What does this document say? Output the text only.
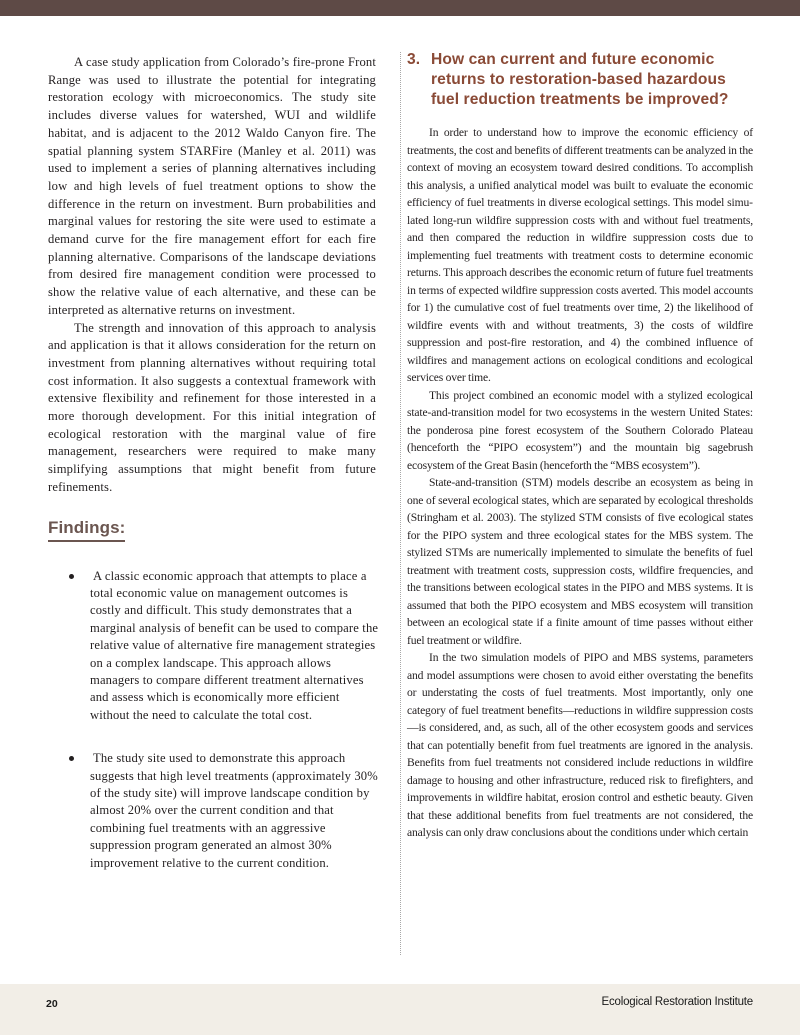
A case study application from Colorado’s fire-prone Front Range was used to illustrate the potential for integrating restoration ecology with microeconomics. The study site includes diverse values for watershed, WUI and wildlife habitat, and is adjacent to the 2012 Waldo Canyon fire. The spatial planning system STARFire (Manley et al. 2011) was used to implement a series of planning alternatives including low and high levels of fuel treatment options to show the difference in the return on investment. Burn probabilities and marginal values for restoring the site were used to estimate a demand curve for the fire management effort for each fire planning alternative. Comparisons of the landscape deviations from desired fire management condition were processed to show the relative value of each alternative, and these can be interpreted as alternative returns on investment.

The strength and innovation of this approach to analysis and application is that it allows consideration for the return on investment from planning alternatives without requiring total cost information. It also suggests a contextual framework with extensive flexibility and refinement for those interested in a more thorough development. For this initial integration of ecological restoration with the marginal value of fire management, researchers were required to make many simplifying assumptions that might benefit from future refinements.

Findings:
A classic economic approach that attempts to place a total economic value on management outcomes is costly and difficult. This study demonstrates that a marginal analysis of benefit can be used to compare the relative value of alternative fire management strategies on a complex landscape. This approach allows managers to compare different treatment alternatives and assess which is economically more efficient without the need to calculate the total cost.
The study site used to demonstrate this approach suggests that high level treatments (approximately 30% of the study site) will improve landscape condition by almost 20% over the current condition and that combining fuel treatments with an aggressive suppression program generated an almost 30% improvement relative to the current condition.
3. How can current and future economic returns to restoration-based hazardous fuel reduction treatments be improved?

In order to understand how to improve the economic efficiency of treatments, the cost and benefits of different treatments can be analyzed in the context of moving an ecosystem toward desired conditions. To accomplish this analysis, a unified analytical model was built to evaluate the economic efficiency of fuel treatments in diverse ecological settings. This model simulated long-run wildfire suppression costs with and without fuel treatments, and then compared the reduction in wildfire suppression costs due to implementing fuel treatments with treatment costs to determine economic returns. This approach describes the economic return of future fuel treatments in terms of expected wildfire suppression costs averted. This model accounts for 1) the cumulative cost of fuel treatments over time, 2) the likelihood of wildfire events with and without treatments, 3) the costs of wildfire suppression and post-fire restoration, and 4) the combined influence of wildfires and management actions on ecological conditions and ecological services over time.

This project combined an economic model with a stylized ecological state-and-transition model for two ecosystems in the western United States: the ponderosa pine forest ecosystem of the Southern Colorado Plateau (henceforth the “PIPO ecosystem”) and the mountain big sagebrush ecosystem of the Great Basin (henceforth the “MBS ecosystem”).

State-and-transition (STM) models describe an ecosystem as being in one of several ecological states, which are separated by ecological thresholds (Stringham et al. 2003). The stylized STM consists of five ecological states for the PIPO system and three ecological states for the MBS system. The stylized STMs are numerically implemented to simulate the benefits of fuel treatment with treatment costs, suppression costs, wildfire frequencies, and the transitions between ecological states in the PIPO and MBS systems. It is assumed that both the PIPO ecosystem and MBS ecosystem will transition between an ecological state if a finite amount of time passes without either fuel treatment or wildfire.

In the two simulation models of PIPO and MBS systems, parameters and model assumptions were chosen to avoid either overstating the benefits or understating the costs of fuel treatments. Most importantly, only one category of fuel treatment benefits—reductions in wildfire suppression costs—is considered, and, as such, all of the other ecosystem goods and services that can potentially benefit from fuel treatments are ignored in the analysis. Benefits from fuel treatments not considered include reductions in wildfire damage to housing and other infrastructure, reduced risk to firefighters, and improvements in wildfire habitat, erosion control and esthetic beauty. Given that these additional benefits from fuel treatments are not considered, the analysis can only draw conclusions about the conditions under which certain

20	Ecological Restoration Institute
